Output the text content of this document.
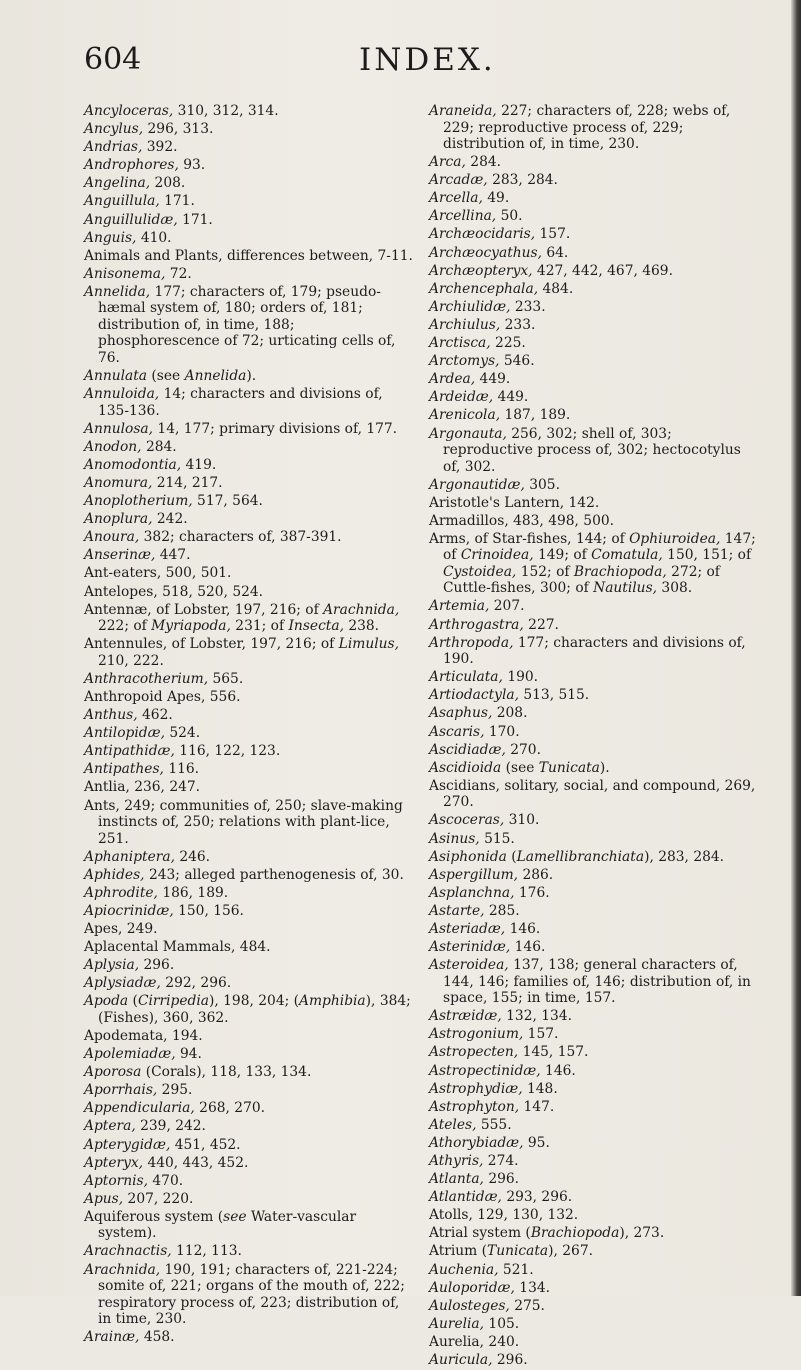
604	INDEX.
Ancyloceras, 310, 312, 314.
Ancylus, 296, 313.
Andrias, 392.
Androphores, 93.
Angelina, 208.
Anguillula, 171.
Anguillulidæ, 171.
Anguis, 410.
Animals and Plants, differences between, 7-11.
Anisonema, 72.
Annelida, 177; characters of, 179; pseudo-hæmal system of, 180; orders of, 181; distribution of, in time, 188; phosphorescence of 72; urticating cells of, 76.
Annulata (see Annelida).
Annuloida, 14; characters and divisions of, 135-136.
Annulosa, 14, 177; primary divisions of, 177.
Anodon, 284.
Anomodontia, 419.
Anomura, 214, 217.
Anoplotherium, 517, 564.
Anoplura, 242.
Anoura, 382; characters of, 387-391.
Anserinæ, 447.
Ant-eaters, 500, 501.
Antelopes, 518, 520, 524.
Antennæ, of Lobster, 197, 216; of Arachnida, 222; of Myriapoda, 231; of Insecta, 238.
Antennules, of Lobster, 197, 216; of Limulus, 210, 222.
Anthracotherium, 565.
Anthropoid Apes, 556.
Anthus, 462.
Antilopidæ, 524.
Antipathidæ, 116, 122, 123.
Antipathes, 116.
Antlia, 236, 247.
Ants, 249; communities of, 250; slave-making instincts of, 250; relations with plant-lice, 251.
Aphaniptera, 246.
Aphides, 243; alleged parthenogenesis of, 30.
Aphrodite, 186, 189.
Apiocrinidæ, 150, 156.
Apes, 249.
Aplacental Mammals, 484.
Aplysia, 296.
Aplysiadæ, 292, 296.
Apoda (Cirripedia), 198, 204; (Amphibia), 384; (Fishes), 360, 362.
Apodemata, 194.
Apolemiadæ, 94.
Aporosa (Corals), 118, 133, 134.
Aporrhais, 295.
Appendicularia, 268, 270.
Aptera, 239, 242.
Apterygidæ, 451, 452.
Apteryx, 440, 443, 452.
Aptornis, 470.
Apus, 207, 220.
Aquiferous system (see Water-vascular system).
Arachnactis, 112, 113.
Arachnida, 190, 191; characters of, 221-224; somite of, 221; organs of the mouth of, 222; respiratory process of, 223; distribution of, in time, 230.
Arainæ, 458.
Araneida, 227; characters of, 228; webs of, 229; reproductive process of, 229; distribution of, in time, 230.
Arca, 284.
Arcadæ, 283, 284.
Arcella, 49.
Arcellina, 50.
Archæocidaris, 157.
Archæocyathus, 64.
Archæopteryx, 427, 442, 467, 469.
Archencephala, 484.
Archiulidæ, 233.
Archiulus, 233.
Arctisca, 225.
Arctomys, 546.
Ardea, 449.
Ardeidæ, 449.
Arenicola, 187, 189.
Argonauta, 256, 302; shell of, 303; reproductive process of, 302; hectocotylus of, 302.
Argonautidæ, 305.
Aristotle's Lantern, 142.
Armadillos, 483, 498, 500.
Arms, of Star-fishes, 144; of Ophiuroidea, 147; of Crinoidea, 149; of Comatula, 150, 151; of Cystoidea, 152; of Brachiopoda, 272; of Cuttle-fishes, 300; of Nautilus, 308.
Artemia, 207.
Arthrogastra, 227.
Arthropoda, 177; characters and divisions of, 190.
Articulata, 190.
Artiodactyla, 513, 515.
Asaphus, 208.
Ascaris, 170.
Ascidiadæ, 270.
Ascidioida (see Tunicata).
Ascidians, solitary, social, and compound, 269, 270.
Ascoceras, 310.
Asinus, 515.
Asiphonida (Lamellibranchiata), 283, 284.
Aspergillum, 286.
Asplanchna, 176.
Astarte, 285.
Asteriadæ, 146.
Asterinidæ, 146.
Asteroidea, 137, 138; general characters of, 144, 146; families of, 146; distribution of, in space, 155; in time, 157.
Astræidæ, 132, 134.
Astrogonium, 157.
Astropecten, 145, 157.
Astropectinidæ, 146.
Astrophydiæ, 148.
Astrophyton, 147.
Ateles, 555.
Athorybiadæ, 95.
Athyris, 274.
Atlanta, 296.
Atlantidæ, 293, 296.
Atolls, 129, 130, 132.
Atrial system (Brachiopoda), 273.
Atrium (Tunicata), 267.
Auchenia, 521.
Auloporidæ, 134.
Aulosteges, 275.
Aurelia, 105.
Aurelia, 240.
Auricula, 296.
